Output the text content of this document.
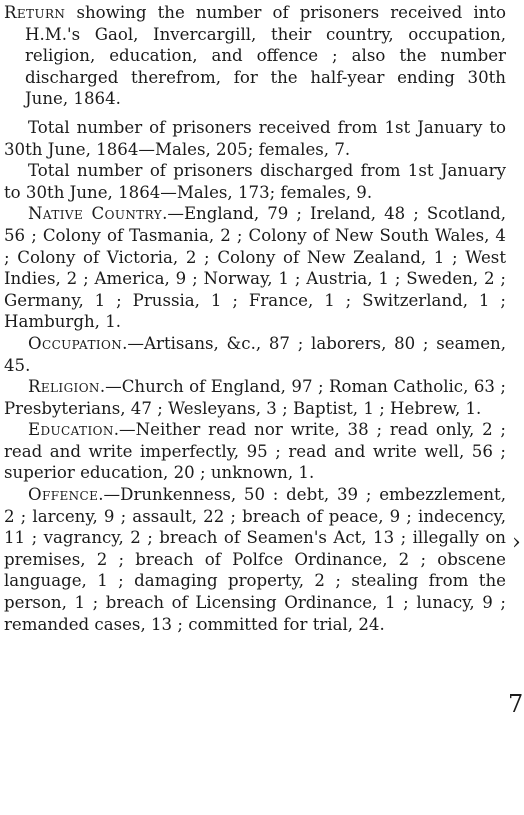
Return showing the number of prisoners received into H.M.'s Gaol, Invercargill, their country, occupation, religion, education, and offence ; also the number discharged therefrom, for the half-year ending 30th June, 1864.

Total number of prisoners received from 1st January to 30th June, 1864—Males, 205; females, 7.

Total number of prisoners discharged from 1st January to 30th June, 1864—Males, 173; females, 9.

Native Country.—England, 79 ; Ireland, 48 ; Scotland, 56 ; Colony of Tasmania, 2 ; Colony of New South Wales, 4 ; Colony of Victoria, 2 ; Colony of New Zealand, 1 ; West Indies, 2 ; America, 9 ; Norway, 1 ; Austria, 1 ; Sweden, 2 ; Germany, 1 ; Prussia, 1 ; France, 1 ; Switzerland, 1 ; Hamburgh, 1.

Occupation.—Artisans, &c., 87 ; laborers, 80 ; seamen, 45.

Religion.—Church of England, 97 ; Roman Catholic, 63 ; Presbyterians, 47 ; Wesleyans, 3 ; Baptist, 1 ; Hebrew, 1.

Education.—Neither read nor write, 38 ; read only, 2 ; read and write imperfectly, 95 ; read and write well, 56 ; superior education, 20 ; unknown, 1.

Offence.—Drunkenness, 50 : debt, 39 ; embezzlement, 2 ; larceny, 9 ; assault, 22 ; breach of peace, 9 ; indecency, 11 ; vagrancy, 2 ; breach of Seamen's Act, 13 ; illegally on premises, 2 ; breach of Polfce Ordinance, 2 ; obscene language, 1 ; damaging property, 2 ; stealing from the person, 1 ; breach of Licensing Ordinance, 1 ; lunacy, 9 ; remanded cases, 13 ; committed for trial, 24.

›
7
